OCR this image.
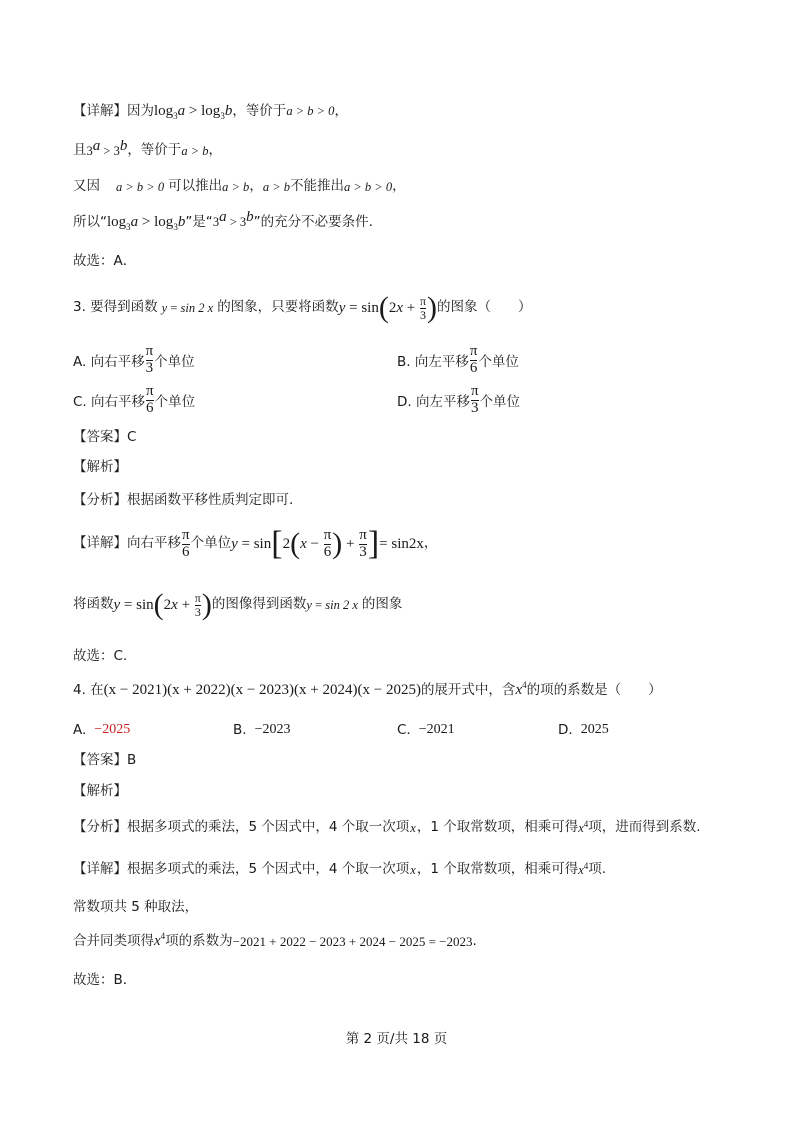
【详解】因为 $\log_3a > \log_3b$ ，等价于 a > b > 0 ，
且 $3^a > 3^b$ ，等价于 a > b ，
又因 a > b > 0 可以推出 a > b ， a > b 不能推出 a > b > 0 ，
所以“ $\log_3a > \log_3b$ ”是“ $3^a > 3^b$ ”的充分不必要条件.
故选：A．
3. 要得到函数 y = sin 2 x 的图象，只要将函数 y = sin ( 2 $x + \frac{\pi}{3}$ ) 的图象（　　）
A. 向右平移 $\frac{\pi}{3}$ 个单位	B. 向左平移 $\frac{\pi}{6}$ 个单位
C. 向右平移 $\frac{\pi}{6}$ 个单位	D. 向左平移 $\frac{\pi}{3}$ 个单位
【答案】C
【解析】
【分析】根据函数平移性质判定即可.
【详解】向右平移 $\frac{\pi}{6}$ 个单位 y = sin [ 2 ( $x - \frac{\pi}{6}$ ) + $\frac{\pi}{3}$ ] = sin2x ，
将函数 y = sin ( 2 $x + \frac{\pi}{3}$ ) 的图像得到函数 y = sin 2 x 的图象
故选：C.
4. 在 (x − 2021) (x + 2022) (x − 2023) (x + 2024) (x − 2025) 的展开式中，含 $x^4$ 的项的系数是（　　）
A. −2025	B. −2023	C. −2021	D. 2025
【答案】B
【解析】
【分析】根据多项式的乘法，5 个因式中，4 个取一次项 x ，1 个取常数项，相乘可得 $x^4$ 项，进而得到系数.
【详解】根据多项式的乘法，5 个因式中，4 个取一次项 x ，1 个取常数项，相乘可得 $x^4$ 项.
常数项共 5 种取法，
合并同类项得 $x^4$ 项的系数为 −2021 + 2022 − 2023 + 2024 − 2025 = −2023 .
故选：B．
第 2 页/共 18 页
